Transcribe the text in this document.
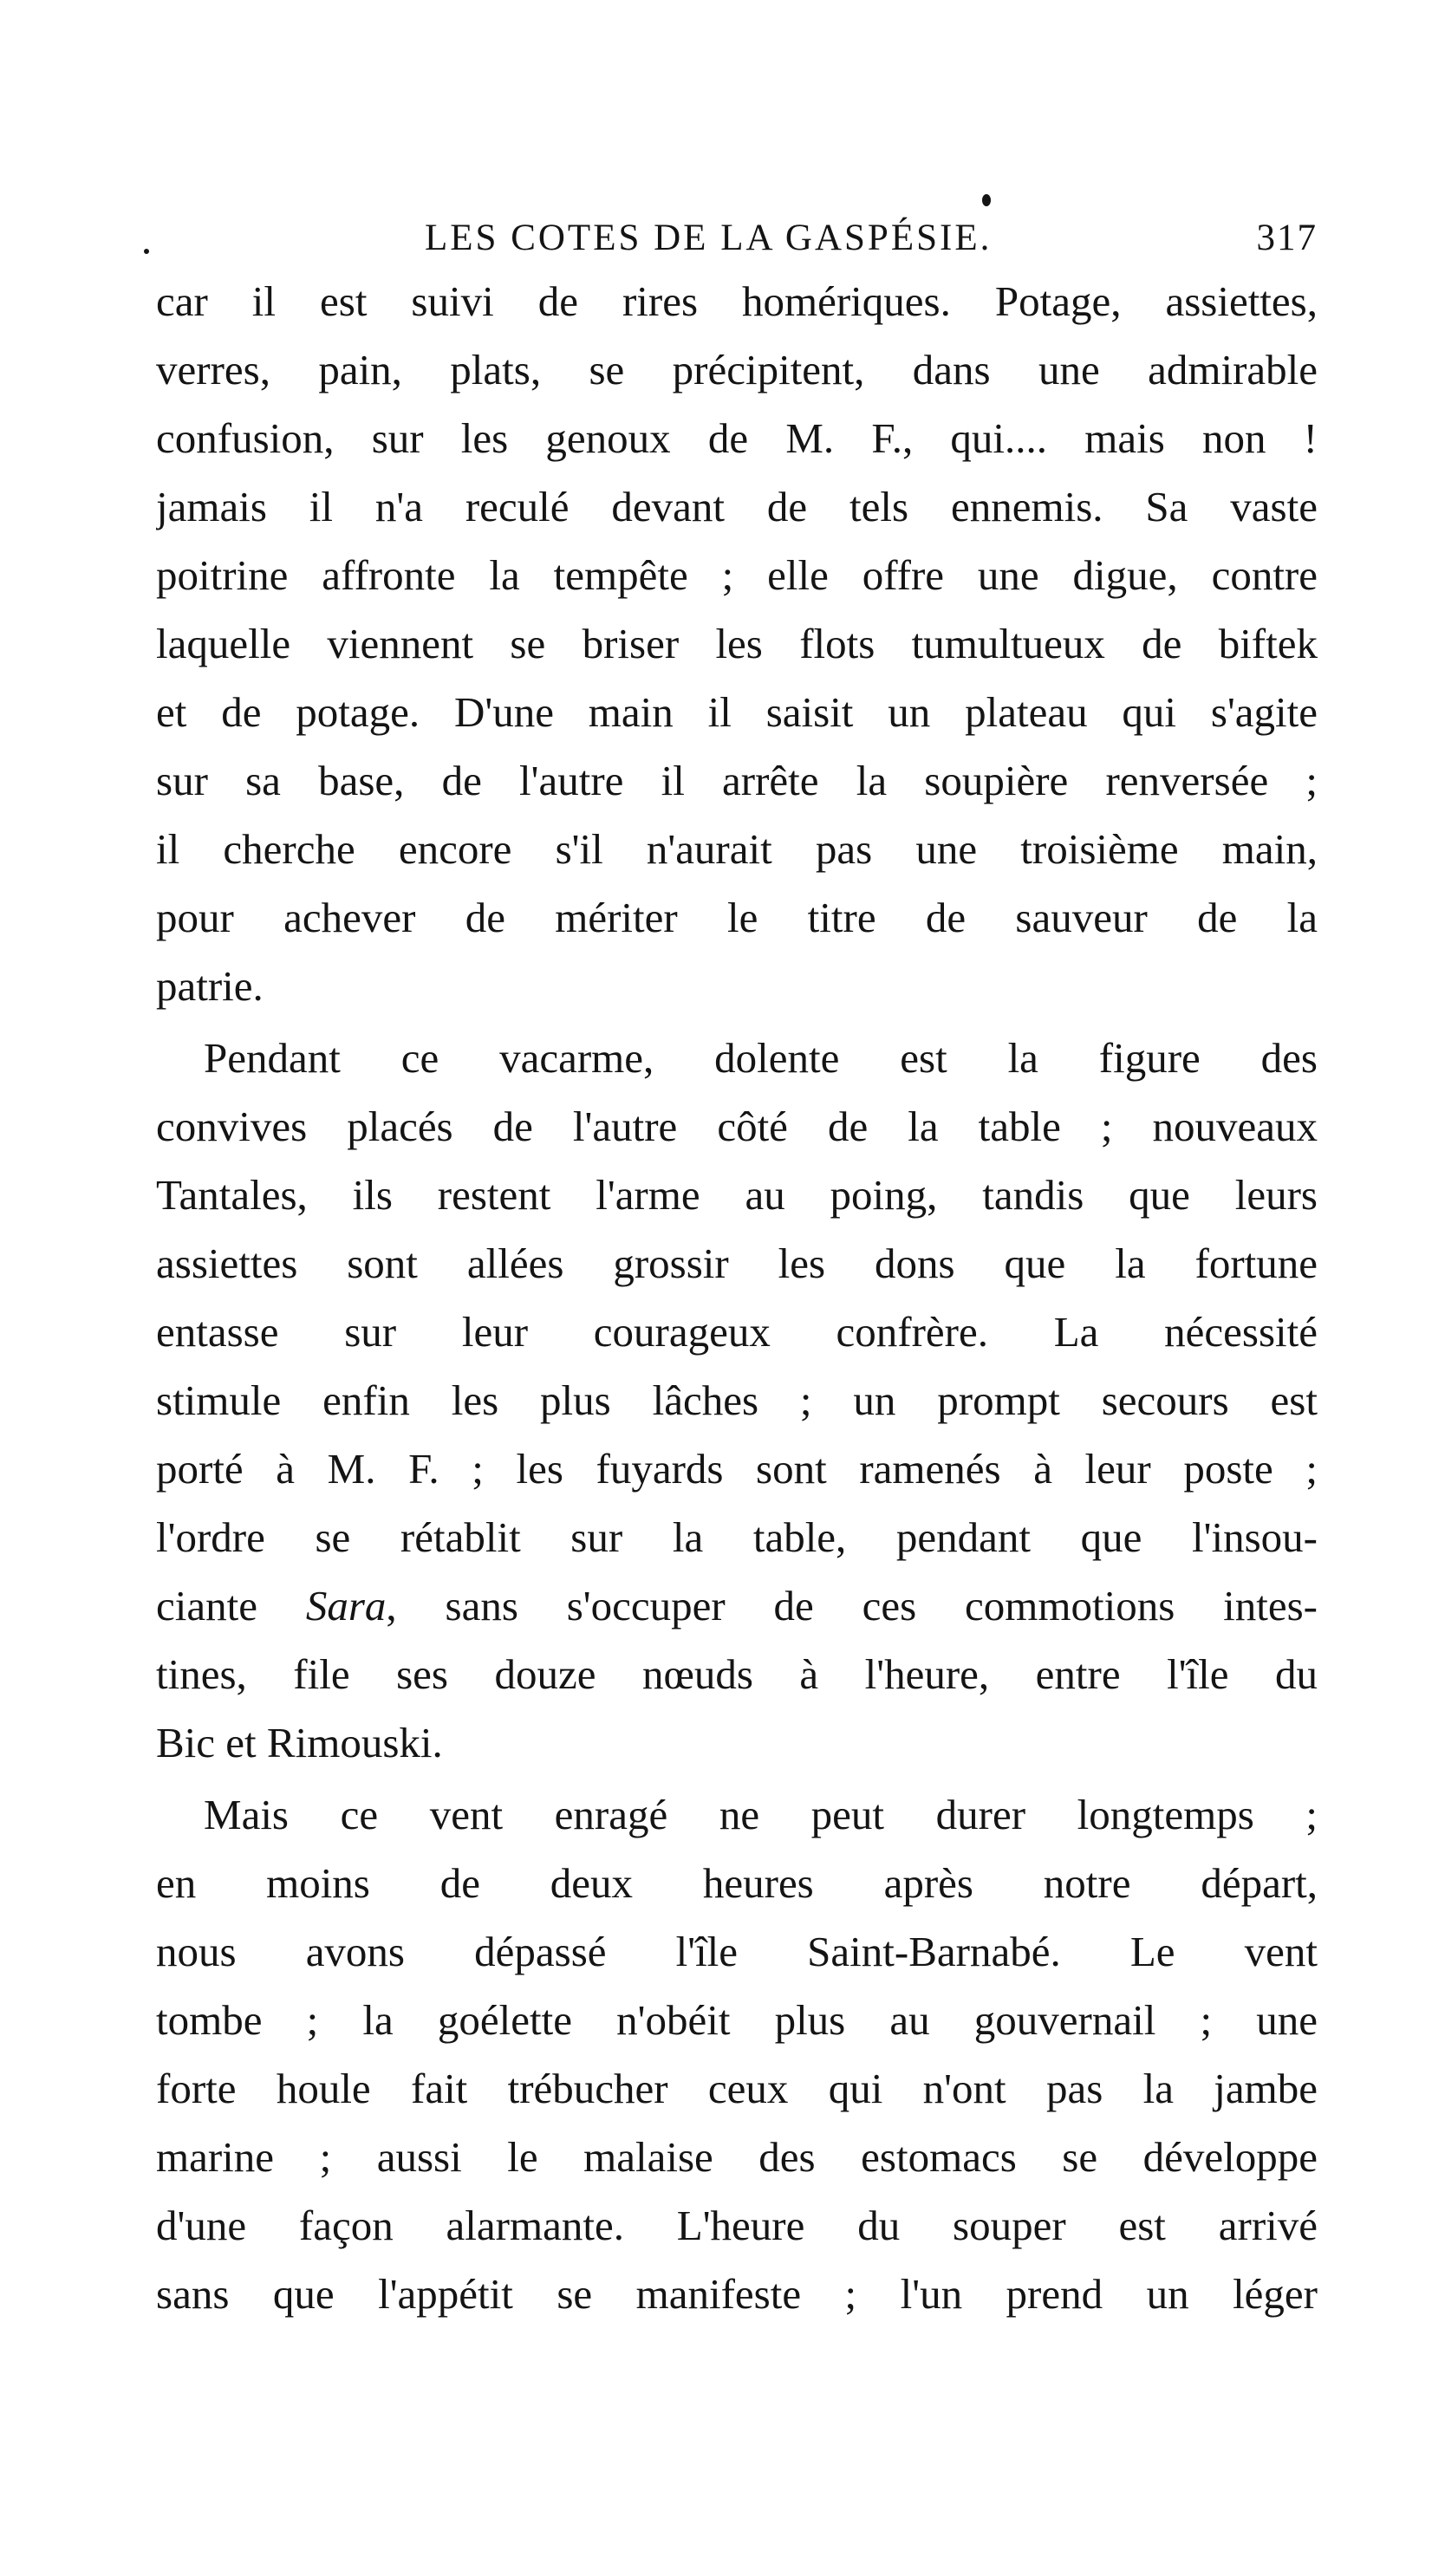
LES COTES DE LA GASPÉSIE.	317
car il est suivi de rires homériques. Potage, assiettes,
verres, pain, plats, se précipitent, dans une admirable
confusion, sur les genoux de M. F., qui.... mais non !
jamais il n'a reculé devant de tels ennemis. Sa vaste
poitrine affronte la tempête ; elle offre une digue, contre
laquelle viennent se briser les flots tumultueux de biftek
et de potage. D'une main il saisit un plateau qui s'agite
sur sa base, de l'autre il arrête la soupière renversée ;
il cherche encore s'il n'aurait pas une troisième main,
pour achever de mériter le titre de sauveur de la
patrie.
Pendant ce vacarme, dolente est la figure des
convives placés de l'autre côté de la table ; nouveaux
Tantales, ils restent l'arme au poing, tandis que leurs
assiettes sont allées grossir les dons que la fortune
entasse sur leur courageux confrère. La nécessité
stimule enfin les plus lâches ; un prompt secours est
porté à M. F. ; les fuyards sont ramenés à leur poste ;
l'ordre se rétablit sur la table, pendant que l'insou-
ciante Sara, sans s'occuper de ces commotions intes-
tines, file ses douze nœuds à l'heure, entre l'île du
Bic et Rimouski.
Mais ce vent enragé ne peut durer longtemps ;
en moins de deux heures après notre départ,
nous avons dépassé l'île Saint-Barnabé. Le vent
tombe ; la goélette n'obéit plus au gouvernail ; une
forte houle fait trébucher ceux qui n'ont pas la jambe
marine ; aussi le malaise des estomacs se développe
d'une façon alarmante. L'heure du souper est arrivé
sans que l'appétit se manifeste ; l'un prend un léger
